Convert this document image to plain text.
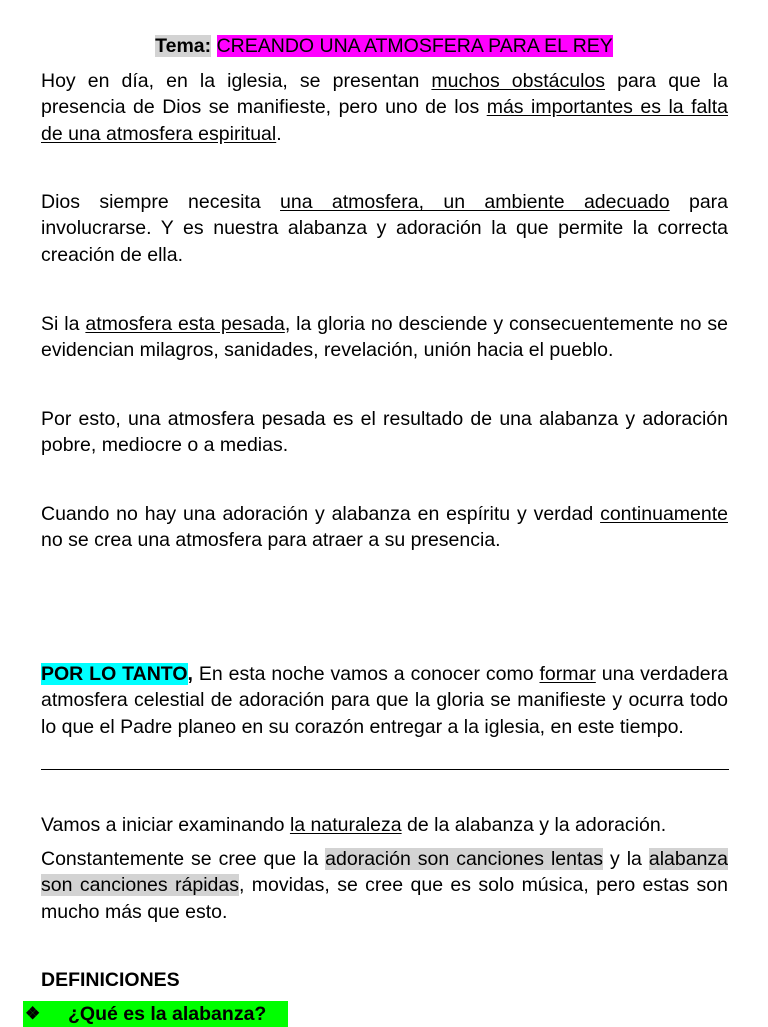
Tema: CREANDO UNA ATMOSFERA PARA EL REY

Hoy en día, en la iglesia, se presentan muchos obstáculos para que la presencia de Dios se manifieste, pero uno de los más importantes es la falta de una atmosfera espiritual.

Dios siempre necesita una atmosfera, un ambiente adecuado para involucrarse. Y es nuestra alabanza y adoración la que permite la correcta creación de ella.

Si la atmosfera esta pesada, la gloria no desciende y consecuentemente no se evidencian milagros, sanidades, revelación, unión hacia el pueblo.

Por esto, una atmosfera pesada es el resultado de una alabanza y adoración pobre, mediocre o a medias.

Cuando no hay una adoración y alabanza en espíritu y verdad continuamente no se crea una atmosfera para atraer a su presencia.

POR LO TANTO, En esta noche vamos a conocer como formar una verdadera atmosfera celestial de adoración para que la gloria se manifieste y ocurra todo lo que el Padre planeo en su corazón entregar a la iglesia, en este tiempo.

Vamos a iniciar examinando la naturaleza de la alabanza y la adoración.

Constantemente se cree que la adoración son canciones lentas y la alabanza son canciones rápidas, movidas, se cree que es solo música, pero estas son mucho más que esto.

DEFINICIONES
❖ ¿Qué es la alabanza?
